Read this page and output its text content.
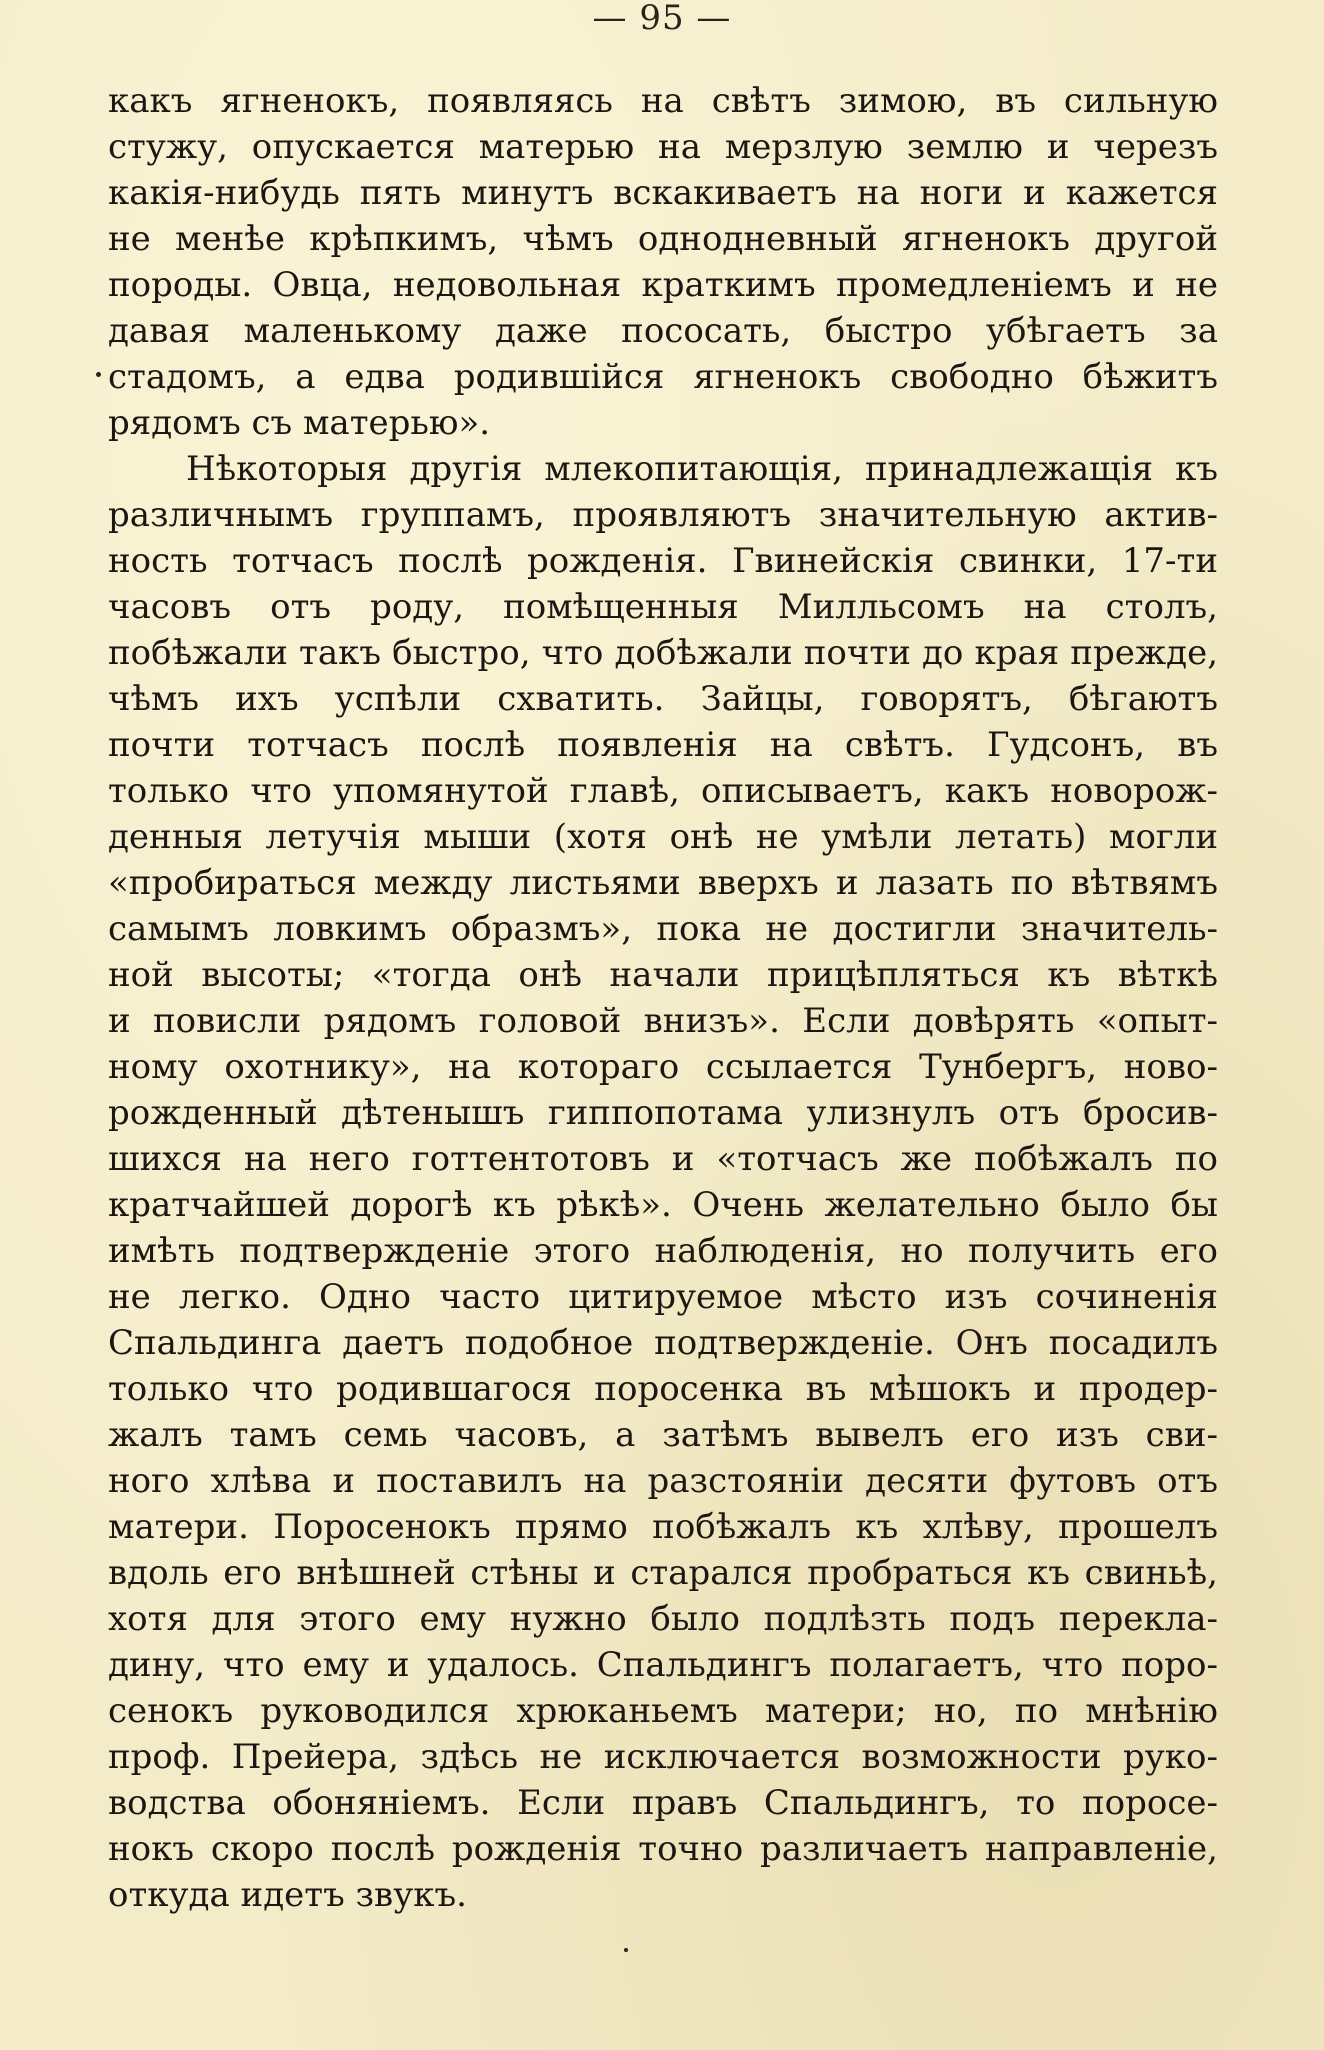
— 95 —
какъ ягненокъ, появляясь на свѣтъ зимою, въ сильную
стужу, опускается матерью на мерзлую землю и черезъ
какія-нибудь пять минутъ вскакиваетъ на ноги и кажется
не менѣе крѣпкимъ, чѣмъ однодневный ягненокъ другой
породы. Овца, недовольная краткимъ промедленіемъ и не
давая маленькому даже пососать, быстро убѣгаетъ за
стадомъ, а едва родившійся ягненокъ свободно бѣжитъ
рядомъ съ матерью».
Нѣкоторыя другія млекопитающія, принадлежащія къ
различнымъ группамъ, проявляютъ значительную актив-
ность тотчасъ послѣ рожденія. Гвинейскія свинки, 17-ти
часовъ отъ роду, помѣщенныя Милльсомъ на столъ,
побѣжали такъ быстро, что добѣжали почти до края прежде,
чѣмъ ихъ успѣли схватить. Зайцы, говорятъ, бѣгаютъ
почти тотчасъ послѣ появленія на свѣтъ. Гудсонъ, въ
только что упомянутой главѣ, описываетъ, какъ новорож-
денныя летучія мыши (хотя онѣ не умѣли летать) могли
«пробираться между листьями вверхъ и лазать по вѣтвямъ
самымъ ловкимъ образмъ», пока не достигли значитель-
ной высоты; «тогда онѣ начали прицѣпляться къ вѣткѣ
и повисли рядомъ головой внизъ». Если довѣрять «опыт-
ному охотнику», на котораго ссылается Тунбергъ, ново-
рожденный дѣтенышъ гиппопотама улизнулъ отъ бросив-
шихся на него готтентотовъ и «тотчасъ же побѣжалъ по
кратчайшей дорогѣ къ рѣкѣ». Очень желательно было бы
имѣть подтвержденіе этого наблюденія, но получить его
не легко. Одно часто цитируемое мѣсто изъ сочиненія
Спальдинга даетъ подобное подтвержденіе. Онъ посадилъ
только что родившагося поросенка въ мѣшокъ и продер-
жалъ тамъ семь часовъ, а затѣмъ вывелъ его изъ сви-
ного хлѣва и поставилъ на разстояніи десяти футовъ отъ
матери. Поросенокъ прямо побѣжалъ къ хлѣву, прошелъ
вдоль его внѣшней стѣны и старался пробраться къ свиньѣ,
хотя для этого ему нужно было подлѣзть подъ перекла-
дину, что ему и удалось. Спальдингъ полагаетъ, что поро-
сенокъ руководился хрюканьемъ матери; но, по мнѣнію
проф. Прейера, здѣсь не исключается возможности руко-
водства обоняніемъ. Если правъ Спальдингъ, то поросе-
нокъ скоро послѣ рожденія точно различаетъ направленіе,
откуда идетъ звукъ.
